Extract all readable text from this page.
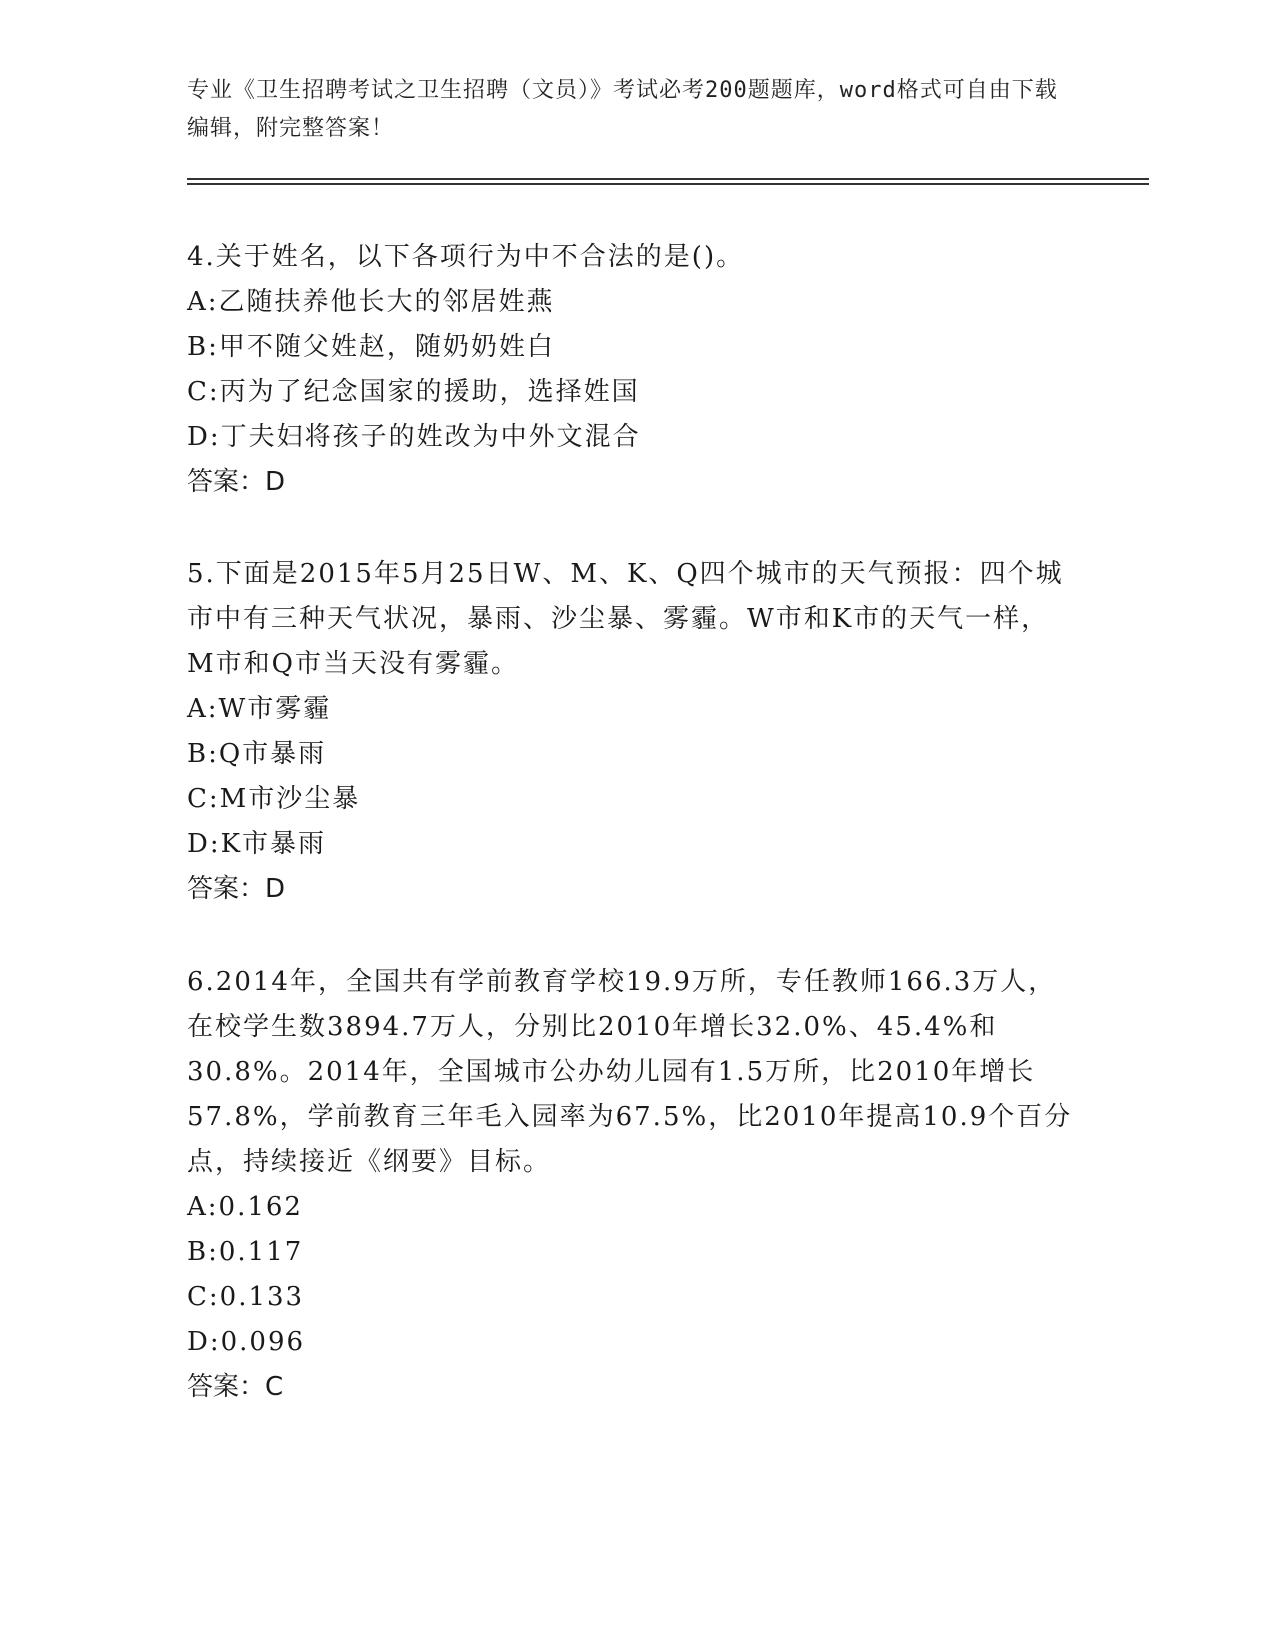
专业《卫生招聘考试之卫生招聘（文员）》考试必考200题题库，word格式可自由下载编辑，附完整答案！

4.关于姓名，以下各项行为中不合法的是()。

A:乙随扶养他长大的邻居姓燕

B:甲不随父姓赵，随奶奶姓白

C:丙为了纪念国家的援助，选择姓国

D:丁夫妇将孩子的姓改为中外文混合

答案：D

5.下面是2015年5月25日W、M、K、Q四个城市的天气预报：四个城市中有三种天气状况，暴雨、沙尘暴、雾霾。W市和K市的天气一样，M市和Q市当天没有雾霾。

A:W市雾霾

B:Q市暴雨

C:M市沙尘暴

D:K市暴雨

答案：D

6.2014年，全国共有学前教育学校19.9万所，专任教师166.3万人，在校学生数3894.7万人，分别比2010年增长32.0%、45.4%和30.8%。2014年，全国城市公办幼儿园有1.5万所，比2010年增长57.8%，学前教育三年毛入园率为67.5%，比2010年提高10.9个百分点，持续接近《纲要》目标。

A:0.162

B:0.117

C:0.133

D:0.096

答案：C
